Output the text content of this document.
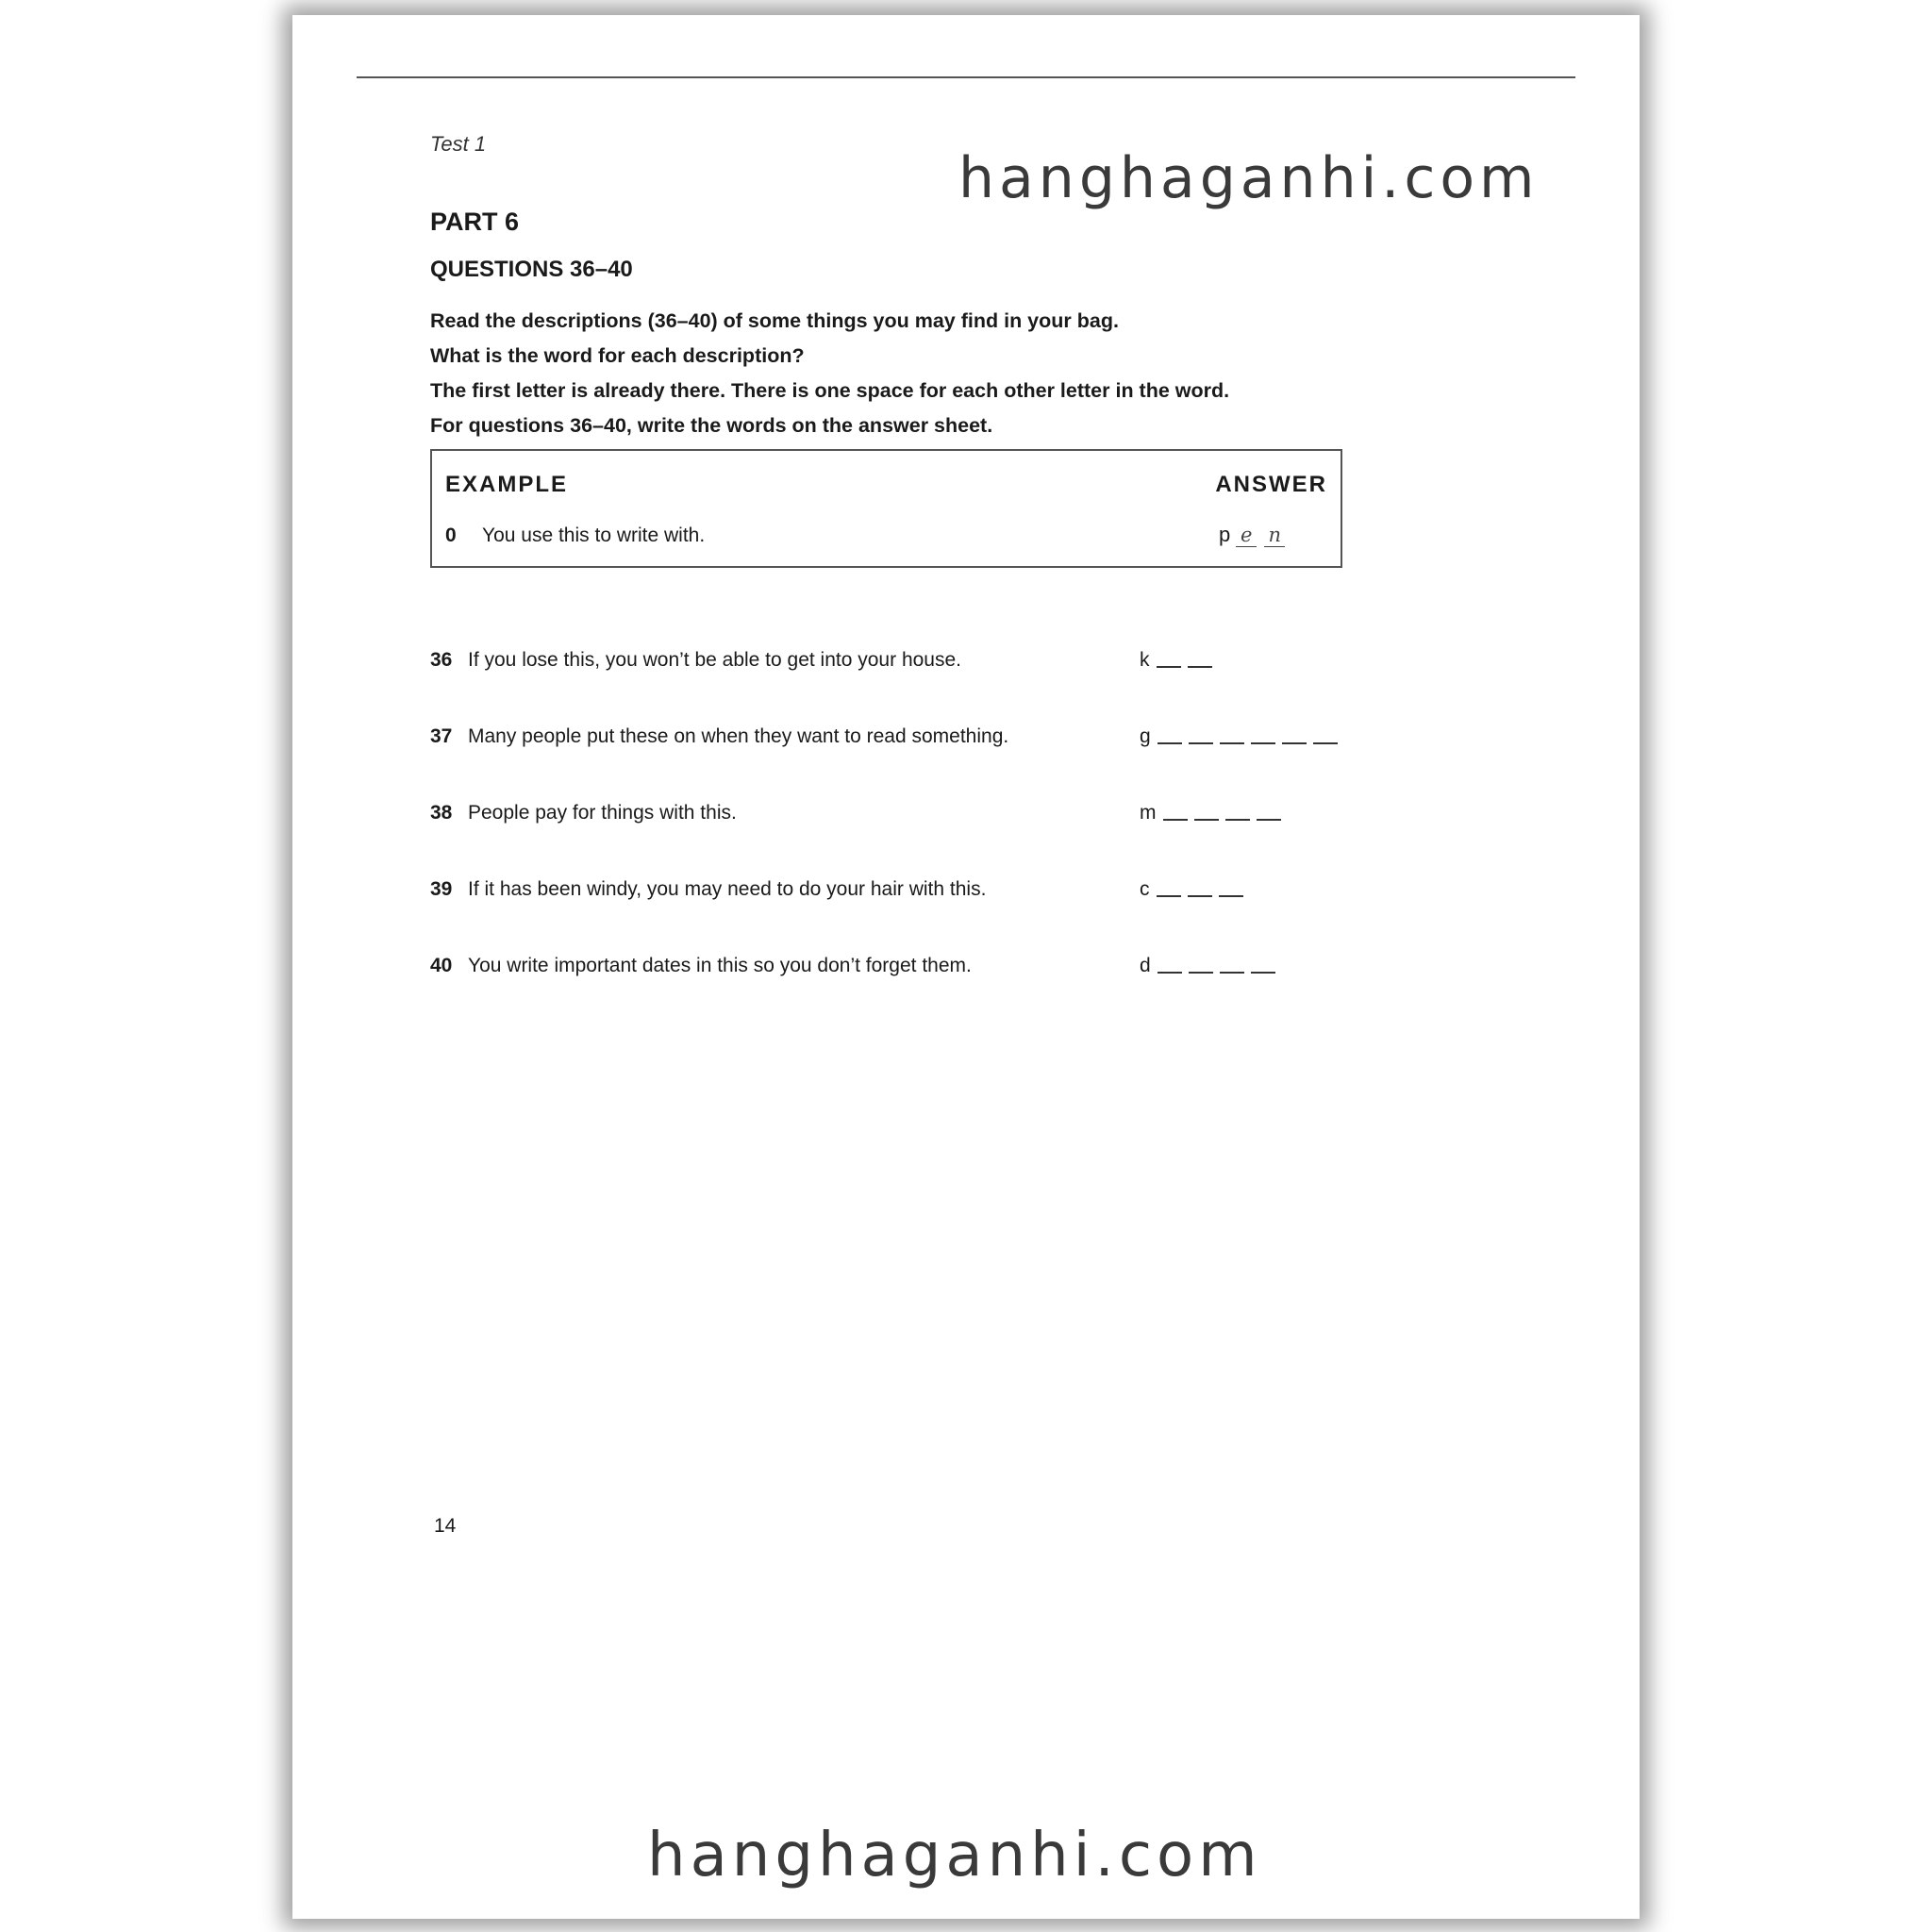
Test 1
PART 6
QUESTIONS 36–40
Read the descriptions (36–40) of some things you may find in your bag.
What is the word for each description?
The first letter is already there. There is one space for each other letter in the word.
For questions 36–40, write the words on the answer sheet.
EXAMPLE	ANSWER
0 You use this to write with.	p e n
36 If you lose this, you won’t be able to get into your house.	k
37 Many people put these on when they want to read something.	g
38 People pay for things with this.	m
39 If it has been windy, you may need to do your hair with this.	c
40 You write important dates in this so you don’t forget them.	d
14
hanghaganhi.com
hanghaganhi.com
